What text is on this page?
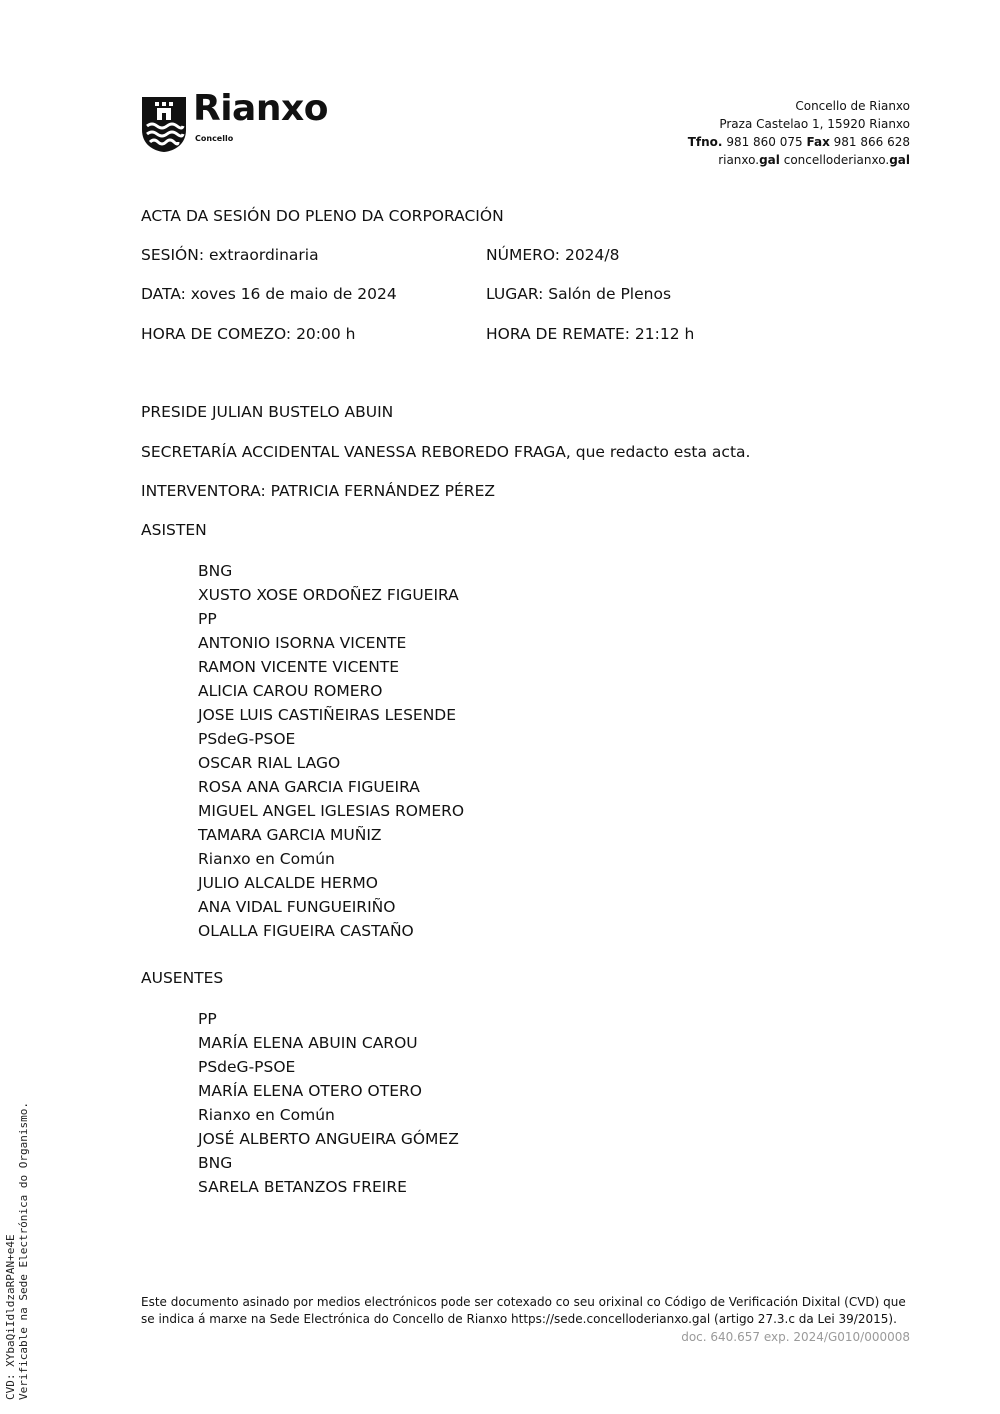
Rianxo
Concello
Concello de Rianxo
Praza Castelao 1, 15920 Rianxo
Tfno. 981 860 075 Fax 981 866 628
rianxo.gal concelloderianxo.gal
ACTA DA SESIÓN DO PLENO DA CORPORACIÓN
SESIÓN: extraordinaria	NÚMERO: 2024/8
DATA: xoves 16 de maio de 2024	LUGAR: Salón de Plenos
HORA DE COMEZO: 20:00 h	HORA DE REMATE: 21:12 h
PRESIDE JULIAN BUSTELO ABUIN
SECRETARÍA ACCIDENTAL VANESSA REBOREDO FRAGA, que redacto esta acta.
INTERVENTORA: PATRICIA FERNÁNDEZ PÉREZ
ASISTEN
BNG
XUSTO XOSE ORDOÑEZ FIGUEIRA
PP
ANTONIO ISORNA VICENTE
RAMON VICENTE VICENTE
ALICIA CAROU ROMERO
JOSE LUIS CASTIÑEIRAS LESENDE
PSdeG-PSOE
OSCAR RIAL LAGO
ROSA ANA GARCIA FIGUEIRA
MIGUEL ANGEL IGLESIAS ROMERO
TAMARA GARCIA MUÑIZ
Rianxo en Común
JULIO ALCALDE HERMO
ANA VIDAL FUNGUEIRIÑO
OLALLA FIGUEIRA CASTAÑO
AUSENTES
PP
MARÍA ELENA ABUIN CAROU
PSdeG-PSOE
MARÍA ELENA OTERO OTERO
Rianxo en Común
JOSÉ ALBERTO ANGUEIRA GÓMEZ
BNG
SARELA BETANZOS FREIRE
Este documento asinado por medios electrónicos pode ser cotexado co seu orixinal co Código de Verificación Dixital (CVD) que se indica á marxe na Sede Electrónica do Concello de Rianxo https://sede.concelloderianxo.gal (artigo 27.3.c da Lei 39/2015).
doc. 640.657 exp. 2024/G010/000008
CVD: XYbaQiIdldzaRPAN+e4E Verificable na Sede Electrónica do Organismo.
